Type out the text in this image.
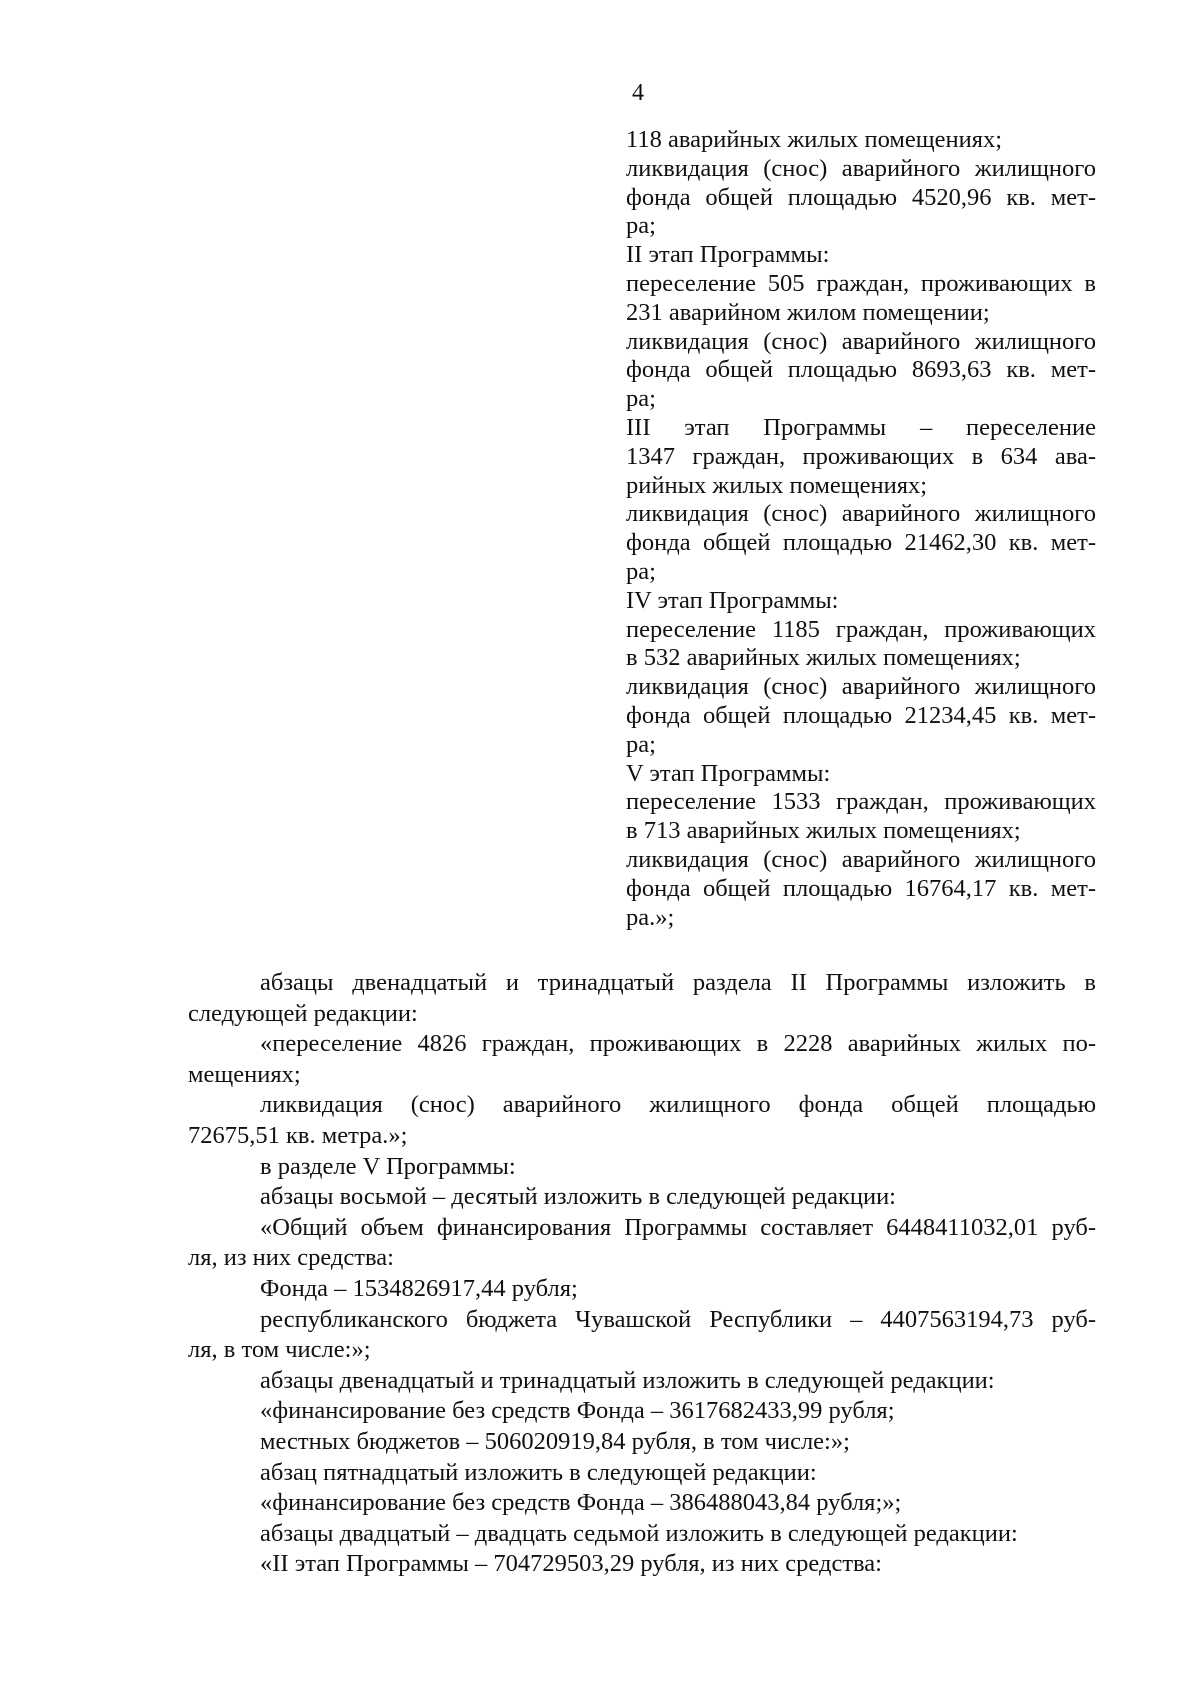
4
118 аварийных жилых помещениях;
ликвидация (снос) аварийного жилищного
фонда общей площадью 4520,96 кв. мет-
ра;
II этап Программы:
переселение 505 граждан, проживающих в
231 аварийном жилом помещении;
ликвидация (снос) аварийного жилищного
фонда общей площадью 8693,63 кв. мет-
ра;
III этап Программы – переселение
1347 граждан, проживающих в 634 ава-
рийных жилых помещениях;
ликвидация (снос) аварийного жилищного
фонда общей площадью 21462,30 кв. мет-
ра;
IV этап Программы:
переселение 1185 граждан, проживающих
в 532 аварийных жилых помещениях;
ликвидация (снос) аварийного жилищного
фонда общей площадью 21234,45 кв. мет-
ра;
V этап Программы:
переселение 1533 граждан, проживающих
в 713 аварийных жилых помещениях;
ликвидация (снос) аварийного жилищного
фонда общей площадью 16764,17 кв. мет-
ра.»;
абзацы двенадцатый и тринадцатый раздела II Программы изложить в
следующей редакции:
«переселение 4826 граждан, проживающих в 2228 аварийных жилых по-
мещениях;
ликвидация (снос) аварийного жилищного фонда общей площадью
72675,51 кв. метра.»;
в разделе V Программы:
абзацы восьмой – десятый изложить в следующей редакции:
«Общий объем финансирования Программы составляет 6448411032,01 руб-
ля, из них средства:
Фонда – 1534826917,44 рубля;
республиканского бюджета Чувашской Республики – 4407563194,73 руб-
ля, в том числе:»;
абзацы двенадцатый и тринадцатый изложить в следующей редакции:
«финансирование без средств Фонда – 3617682433,99 рубля;
местных бюджетов – 506020919,84 рубля, в том числе:»;
абзац пятнадцатый изложить в следующей редакции:
«финансирование без средств Фонда – 386488043,84 рубля;»;
абзацы двадцатый – двадцать седьмой изложить в следующей редакции:
«II этап Программы – 704729503,29 рубля, из них средства:
